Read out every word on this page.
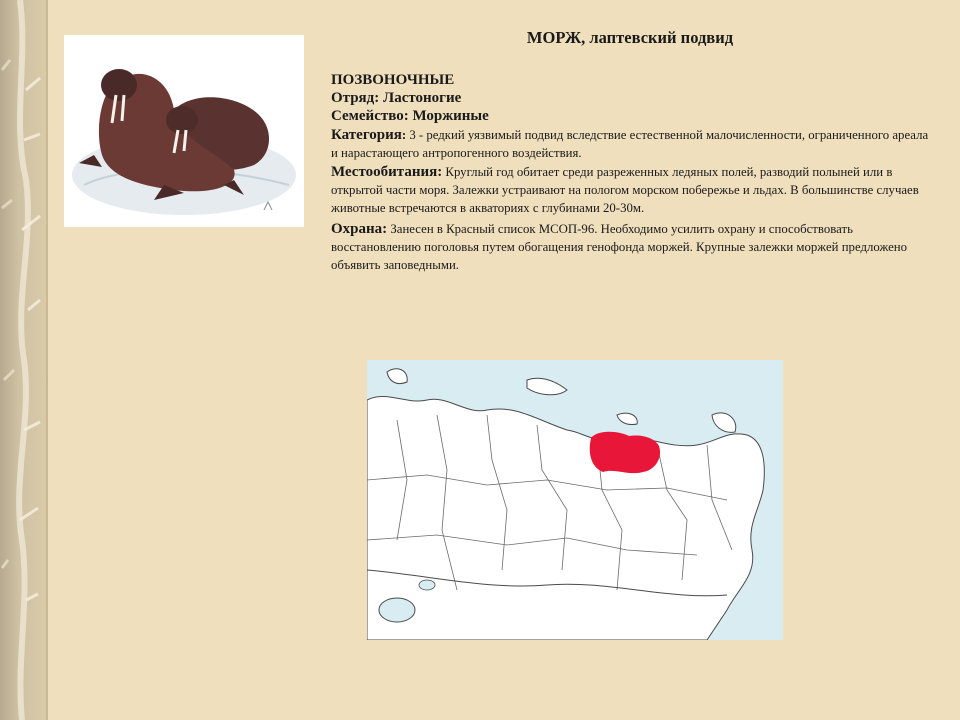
МОРЖ, лаптевский подвид

ПОЗВОНОЧНЫЕ

Отряд: Ластоногие

Семейство: Моржиные

Категория: 3 - редкий уязвимый подвид вследствие естественной малочисленности, ограниченного ареала и нарастающего антропогенного воздействия.

Местообитания: Круглый год обитает среди разреженных ледяных полей, разводий полыней или в открытой части моря. Залежки устраивают на пологом морском побережье и льдах. В большинстве случаев животные встречаются в акваториях с глубинами 20-30м.

Охрана: Занесен в Красный список МСОП-96. Необходимо усилить охрану и способствовать восстановлению поголовья путем обогащения генофонда моржей. Крупные залежки моржей предложено объявить заповедными.
